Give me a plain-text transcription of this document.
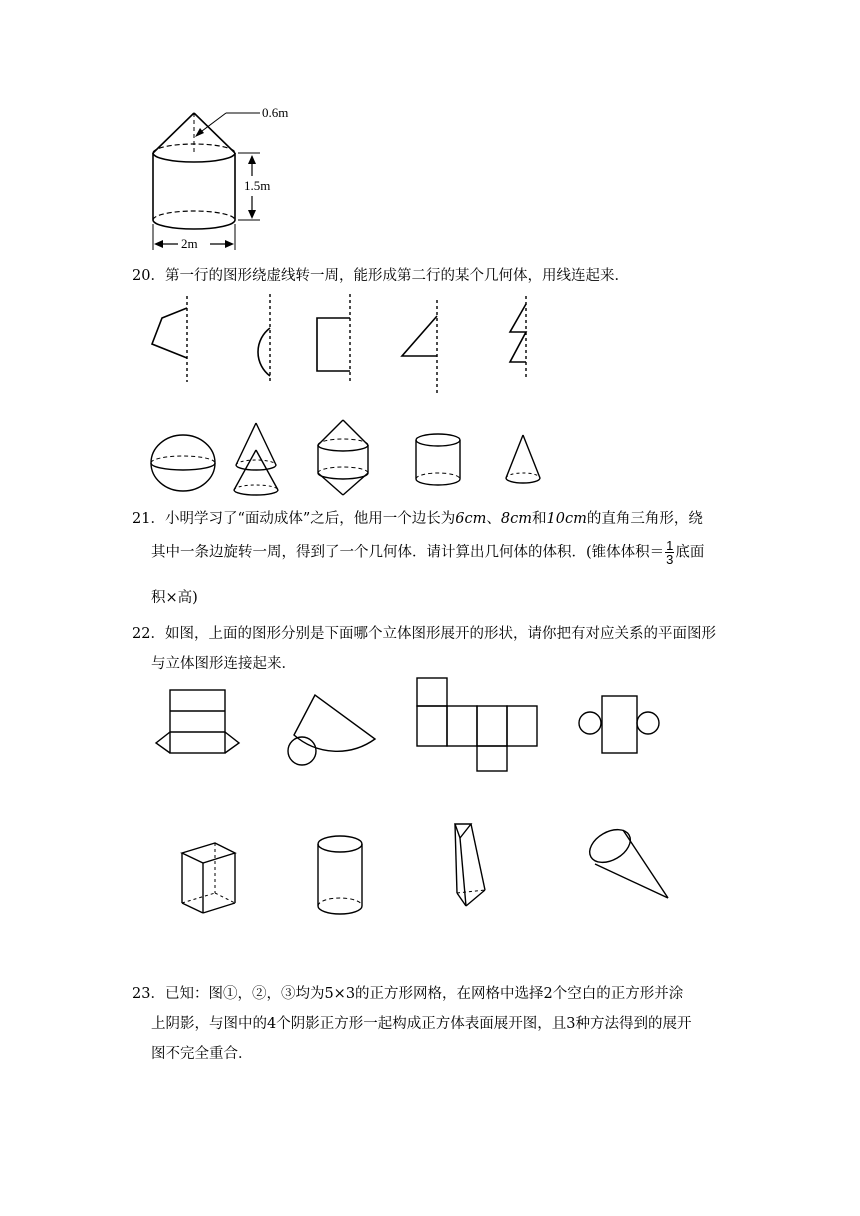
0.6m
1.5m
2m
20．第一行的图形绕虚线转一周，能形成第二行的某个几何体，用线连起来．
21．小明学习了“面动成体”之后，他用一个边长为6cm、8cm和10cm的直角三角形，绕
其中一条边旋转一周，得到了一个几何体．请计算出几何体的体积．(锥体体积＝ $\frac{1}{3}$ 底面
积×高)
22．如图，上面的图形分别是下面哪个立体图形展开的形状，请你把有对应关系的平面图形
与立体图形连接起来．
23．已知：图①，②，③均为5×3的正方形网格，在网格中选择2个空白的正方形并涂
上阴影，与图中的4个阴影正方形一起构成正方体表面展开图，且3种方法得到的展开
图不完全重合．
